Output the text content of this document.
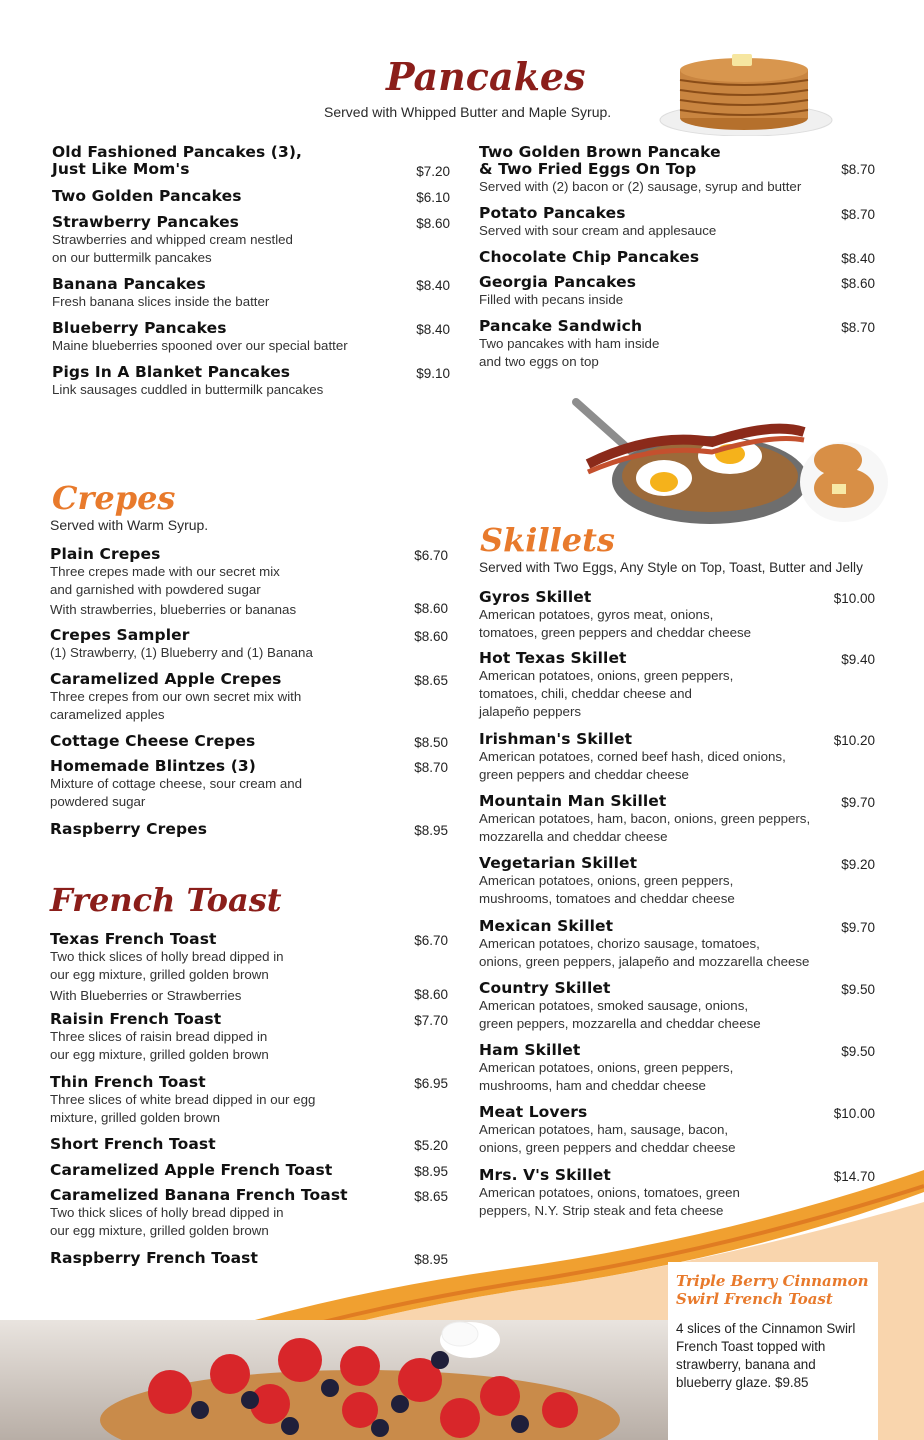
Pancakes
Served with Whipped Butter and Maple Syrup.
Old Fashioned Pancakes (3),
Just Like Mom's	$7.20
Two Golden Pancakes	$6.10
Strawberry Pancakes	$8.60
Strawberries and whipped cream nestled
on our buttermilk pancakes
Banana Pancakes	$8.40
Fresh banana slices inside the batter
Blueberry Pancakes	$8.40
Maine blueberries spooned over our special batter
Pigs In A Blanket Pancakes	$9.10
Link sausages cuddled in buttermilk pancakes
Two Golden Brown Pancake
& Two Fried Eggs On Top	$8.70
Served with (2) bacon or (2) sausage, syrup and butter
Potato Pancakes	$8.70
Served with sour cream and applesauce
Chocolate Chip Pancakes	$8.40
Georgia Pancakes	$8.60
Filled with pecans inside
Pancake Sandwich	$8.70
Two pancakes with ham inside
and two eggs on top
Crepes
Served with Warm Syrup.
Plain Crepes	$6.70
Three crepes made with our secret mix
and garnished with powdered sugar
With strawberries, blueberries or bananas	$8.60
Crepes Sampler	$8.60
(1) Strawberry, (1) Blueberry and (1) Banana
Caramelized Apple Crepes	$8.65
Three crepes from our own secret mix with
caramelized apples
Cottage Cheese Crepes	$8.50
Homemade Blintzes (3)	$8.70
Mixture of cottage cheese, sour cream and
powdered sugar
Raspberry Crepes	$8.95
French Toast
Texas French Toast	$6.70
Two thick slices of holly bread dipped in
our egg mixture, grilled golden brown
With Blueberries or Strawberries	$8.60
Raisin French Toast	$7.70
Three slices of raisin bread dipped in
our egg mixture, grilled golden brown
Thin French Toast	$6.95
Three slices of white bread dipped in our egg
mixture, grilled golden brown
Short French Toast	$5.20
Caramelized Apple French Toast	$8.95
Caramelized Banana French Toast	$8.65
Two thick slices of holly bread dipped in
our egg mixture, grilled golden brown
Raspberry French Toast	$8.95
Skillets
Served with Two Eggs, Any Style on Top, Toast, Butter and Jelly
Gyros Skillet	$10.00
American potatoes, gyros meat, onions,
tomatoes, green peppers and cheddar cheese
Hot Texas Skillet	$9.40
American potatoes, onions, green peppers,
tomatoes, chili, cheddar cheese and
jalapeño peppers
Irishman's Skillet	$10.20
American potatoes, corned beef hash, diced onions,
green peppers and cheddar cheese
Mountain Man Skillet	$9.70
American potatoes, ham, bacon, onions, green peppers,
mozzarella and cheddar cheese
Vegetarian Skillet	$9.20
American potatoes, onions, green peppers,
mushrooms, tomatoes and cheddar cheese
Mexican Skillet	$9.70
American potatoes, chorizo sausage, tomatoes,
onions, green peppers, jalapeño and mozzarella cheese
Country Skillet	$9.50
American potatoes, smoked sausage, onions,
green peppers, mozzarella and cheddar cheese
Ham Skillet	$9.50
American potatoes, onions, green peppers,
mushrooms, ham and cheddar cheese
Meat Lovers	$10.00
American potatoes, ham, sausage, bacon,
onions, green peppers and cheddar cheese
Mrs. V's Skillet	$14.70
American potatoes, onions, tomatoes, green
peppers, N.Y. Strip steak and feta cheese
Triple Berry Cinnamon
Swirl French Toast
4 slices of the Cinnamon Swirl
French Toast topped with
strawberry, banana and
blueberry glaze. $9.85
